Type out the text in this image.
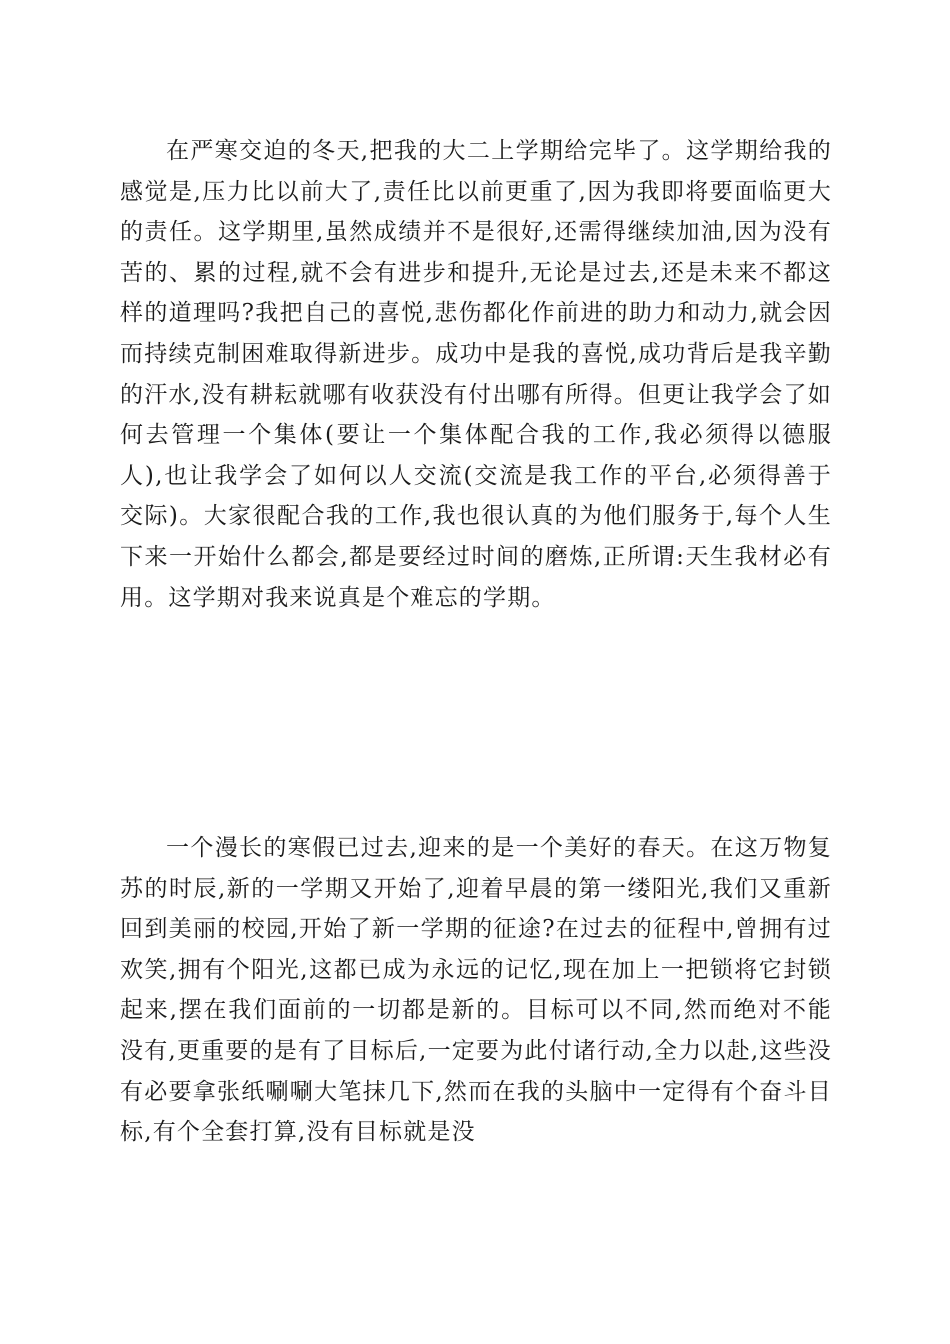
在严寒交迫的冬天,把我的大二上学期给完毕了。这学期给我的感觉是,压力比以前大了,责任比以前更重了,因为我即将要面临更大的责任。这学期里,虽然成绩并不是很好,还需得继续加油,因为没有苦的、累的过程,就不会有进步和提升,无论是过去,还是未来不都这样的道理吗?我把自己的喜悦,悲伤都化作前进的助力和动力,就会因而持续克制困难取得新进步。成功中是我的喜悦,成功背后是我辛勤的汗水,没有耕耘就哪有收获没有付出哪有所得。但更让我学会了如何去管理一个集体(要让一个集体配合我的工作,我必须得以德服人),也让我学会了如何以人交流(交流是我工作的平台,必须得善于交际)。大家很配合我的工作,我也很认真的为他们服务于,每个人生下来一开始什么都会,都是要经过时间的磨炼,正所谓:天生我材必有用。这学期对我来说真是个难忘的学期。

一个漫长的寒假已过去,迎来的是一个美好的春天。在这万物复苏的时辰,新的一学期又开始了,迎着早晨的第一缕阳光,我们又重新回到美丽的校园,开始了新一学期的征途?在过去的征程中,曾拥有过欢笑,拥有个阳光,这都已成为永远的记忆,现在加上一把锁将它封锁起来,摆在我们面前的一切都是新的。目标可以不同,然而绝对不能没有,更重要的是有了目标后,一定要为此付诸行动,全力以赴,这些没有必要拿张纸唰唰大笔抹几下,然而在我的头脑中一定得有个奋斗目标,有个全套打算,没有目标就是没
